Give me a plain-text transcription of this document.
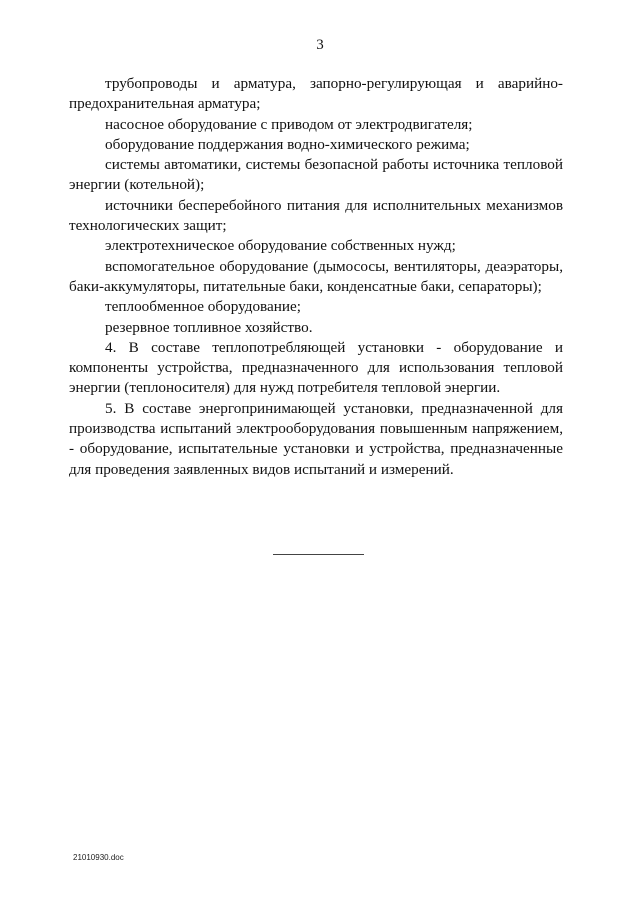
3

трубопроводы и арматура, запорно-регулирующая и аварийно-предохранительная арматура;

насосное оборудование с приводом от электродвигателя;

оборудование поддержания водно-химического режима;

системы автоматики, системы безопасной работы источника тепловой энергии (котельной);

источники бесперебойного питания для исполнительных механизмов технологических защит;

электротехническое оборудование собственных нужд;

вспомогательное оборудование (дымососы, вентиляторы, деаэраторы, баки-аккумуляторы, питательные баки, конденсатные баки, сепараторы);

теплообменное оборудование;

резервное топливное хозяйство.

4. В составе теплопотребляющей установки - оборудование и компоненты устройства, предназначенного для использования тепловой энергии (теплоносителя) для нужд потребителя тепловой энергии.

5. В составе энергопринимающей установки, предназначенной для производства испытаний электрооборудования повышенным напряжением, - оборудование, испытательные установки и устройства, предназначенные для проведения заявленных видов испытаний и измерений.

21010930.doc
